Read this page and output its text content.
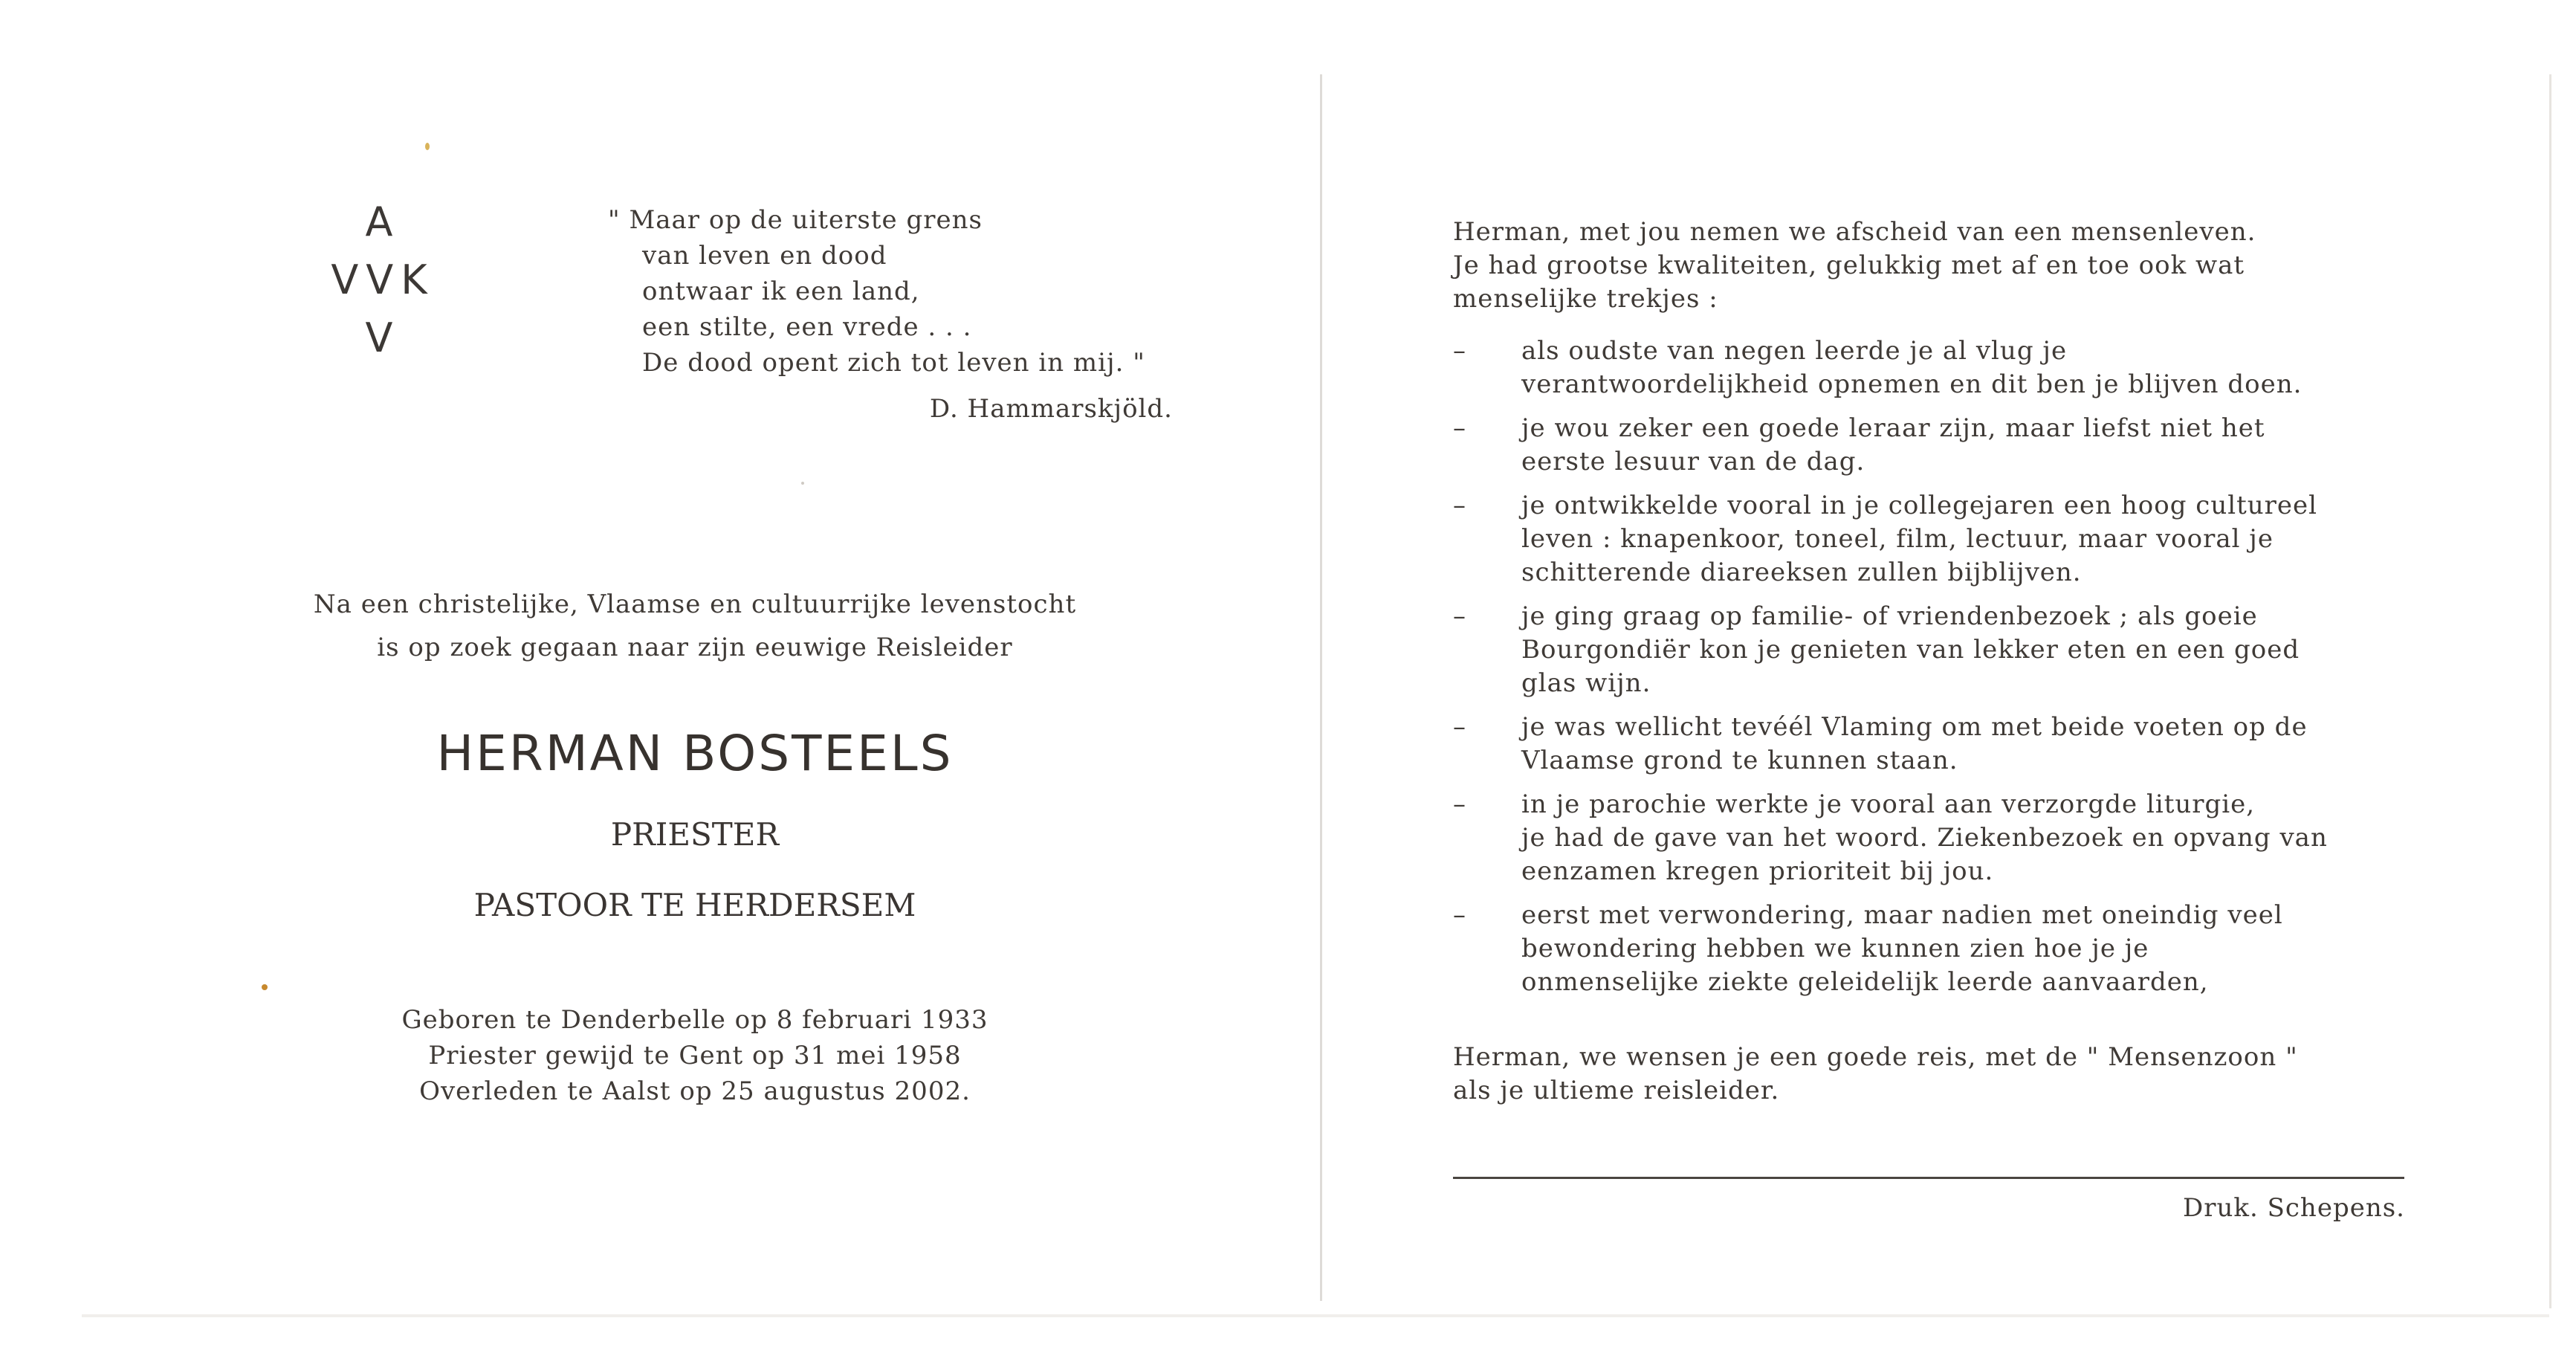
A
VVK
V
" Maar op de uiterste grens
van leven en dood
ontwaar ik een land,
een stilte, een vrede . . .
De dood opent zich tot leven in mij. "
D. Hammarskjöld.
Na een christelijke, Vlaamse en cultuurrijke levenstocht
is op zoek gegaan naar zijn eeuwige Reisleider
HERMAN BOSTEELS
PRIESTER
PASTOOR TE HERDERSEM
Geboren te Denderbelle op 8 februari 1933
Priester gewijd te Gent op 31 mei 1958
Overleden te Aalst op 25 augustus 2002.
Herman, met jou nemen we afscheid van een mensenleven.
Je had grootse kwaliteiten, gelukkig met af en toe ook wat
menselijke trekjes :
– als oudste van negen leerde je al vlug je
verantwoordelijkheid opnemen en dit ben je blijven doen.
– je wou zeker een goede leraar zijn, maar liefst niet het
eerste lesuur van de dag.
– je ontwikkelde vooral in je collegejaren een hoog cultureel
leven : knapenkoor, toneel, film, lectuur, maar vooral je
schitterende diareeksen zullen bijblijven.
– je ging graag op familie- of vriendenbezoek ; als goeie
Bourgondiër kon je genieten van lekker eten en een goed
glas wijn.
– je was wellicht tevéél Vlaming om met beide voeten op de
Vlaamse grond te kunnen staan.
– in je parochie werkte je vooral aan verzorgde liturgie,
je had de gave van het woord. Ziekenbezoek en opvang van
eenzamen kregen prioriteit bij jou.
– eerst met verwondering, maar nadien met oneindig veel
bewondering hebben we kunnen zien hoe je je
onmenselijke ziekte geleidelijk leerde aanvaarden,
Herman, we wensen je een goede reis, met de " Mensenzoon "
als je ultieme reisleider.
Druk. Schepens.
